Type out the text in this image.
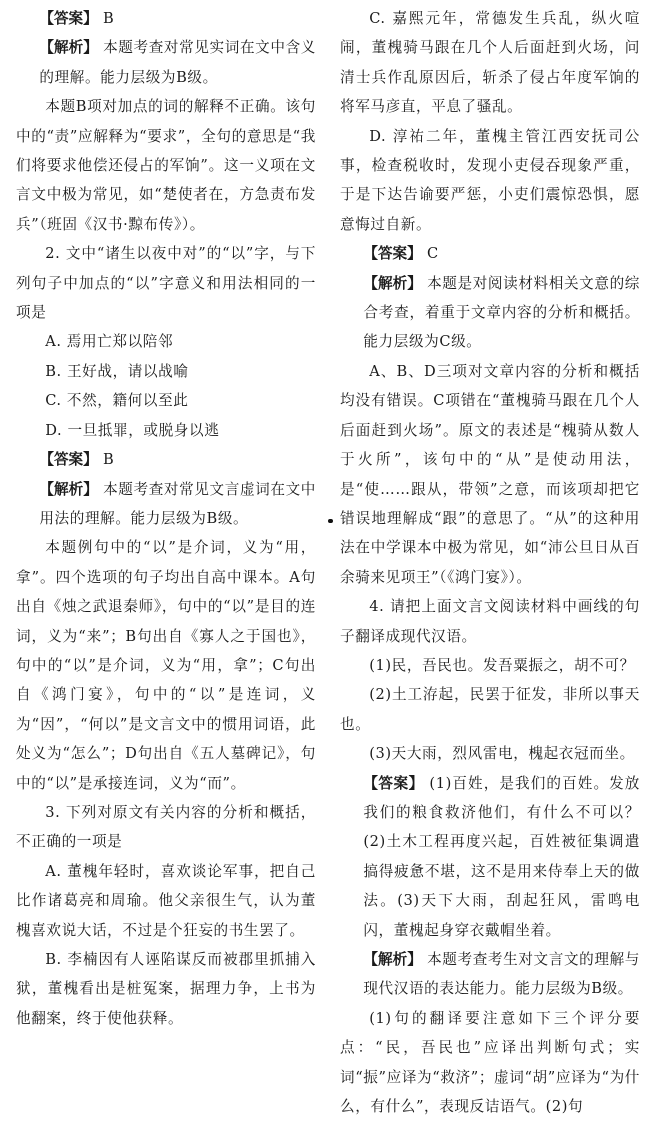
【答案】 B

【解析】 本题考查对常见实词在文中含义的理解。能力层级为B级。

本题B项对加点的词的解释不正确。该句中的“责”应解释为“要求”，全句的意思是“我们将要求他偿还侵占的军饷”。这一义项在文言文中极为常见，如“楚使者在，方急责布发兵”（班固《汉书·黥布传》）。

2. 文中“诸生以夜中对”的“以”字，与下列句子中加点的“以”字意义和用法相同的一项是

A. 焉用亡郑以陪邻

B. 王好战，请以战喻

C. 不然，籍何以至此

D. 一旦抵罪，或脱身以逃

【答案】 B

【解析】 本题考查对常见文言虚词在文中用法的理解。能力层级为B级。

本题例句中的“以”是介词，义为“用，拿”。四个选项的句子均出自高中课本。A句出自《烛之武退秦师》，句中的“以”是目的连词，义为“来”；B句出自《寡人之于国也》，句中的“以”是介词，义为“用，拿”；C句出自《鸿门宴》，句中的“以”是连词，义为“因”，“何以”是文言文中的惯用词语，此处义为“怎么”；D句出自《五人墓碑记》，句中的“以”是承接连词，义为“而”。

3. 下列对原文有关内容的分析和概括，不正确的一项是

A. 董槐年轻时，喜欢谈论军事，把自己比作诸葛亮和周瑜。他父亲很生气，认为董槐喜欢说大话，不过是个狂妄的书生罢了。

B. 李楠因有人诬陷谋反而被郡里抓捕入狱，董槐看出是桩冤案，据理力争，上书为他翻案，终于使他获释。

C. 嘉熙元年，常德发生兵乱，纵火喧闹，董槐骑马跟在几个人后面赶到火场，问清士兵作乱原因后，斩杀了侵占年度军饷的将军马彦直，平息了骚乱。

D. 淳祐二年，董槐主管江西安抚司公事，检查税收时，发现小吏侵吞现象严重，于是下达告谕要严惩，小吏们震惊恐惧，愿意悔过自新。

【答案】 C

【解析】 本题是对阅读材料相关文意的综合考查，着重于文章内容的分析和概括。能力层级为C级。

A、B、D三项对文章内容的分析和概括均没有错误。C项错在“董槐骑马跟在几个人后面赶到火场”。原文的表述是“槐骑从数人于火所”，该句中的“从”是使动用法，是“使……跟从，带领”之意，而该项却把它错误地理解成“跟”的意思了。“从”的这种用法在中学课本中极为常见，如“沛公旦日从百余骑来见项王”（《鸿门宴》）。

4. 请把上面文言文阅读材料中画线的句子翻译成现代汉语。

(1)民，吾民也。发吾粟振之，胡不可？

(2)土工洊起，民罢于征发，非所以事天也。

(3)天大雨，烈风雷电，槐起衣冠而坐。

【答案】 (1)百姓，是我们的百姓。发放我们的粮食救济他们，有什么不可以？(2)土木工程再度兴起，百姓被征集调遣搞得疲惫不堪，这不是用来侍奉上天的做法。(3)天下大雨，刮起狂风，雷鸣电闪，董槐起身穿衣戴帽坐着。

【解析】 本题考查考生对文言文的理解与现代汉语的表达能力。能力层级为B级。

(1)句的翻译要注意如下三个评分要点：“民，吾民也”应译出判断句式；实词“振”应译为“救济”；虚词“胡”应译为“为什么，有什么”，表现反诘语气。(2)句
